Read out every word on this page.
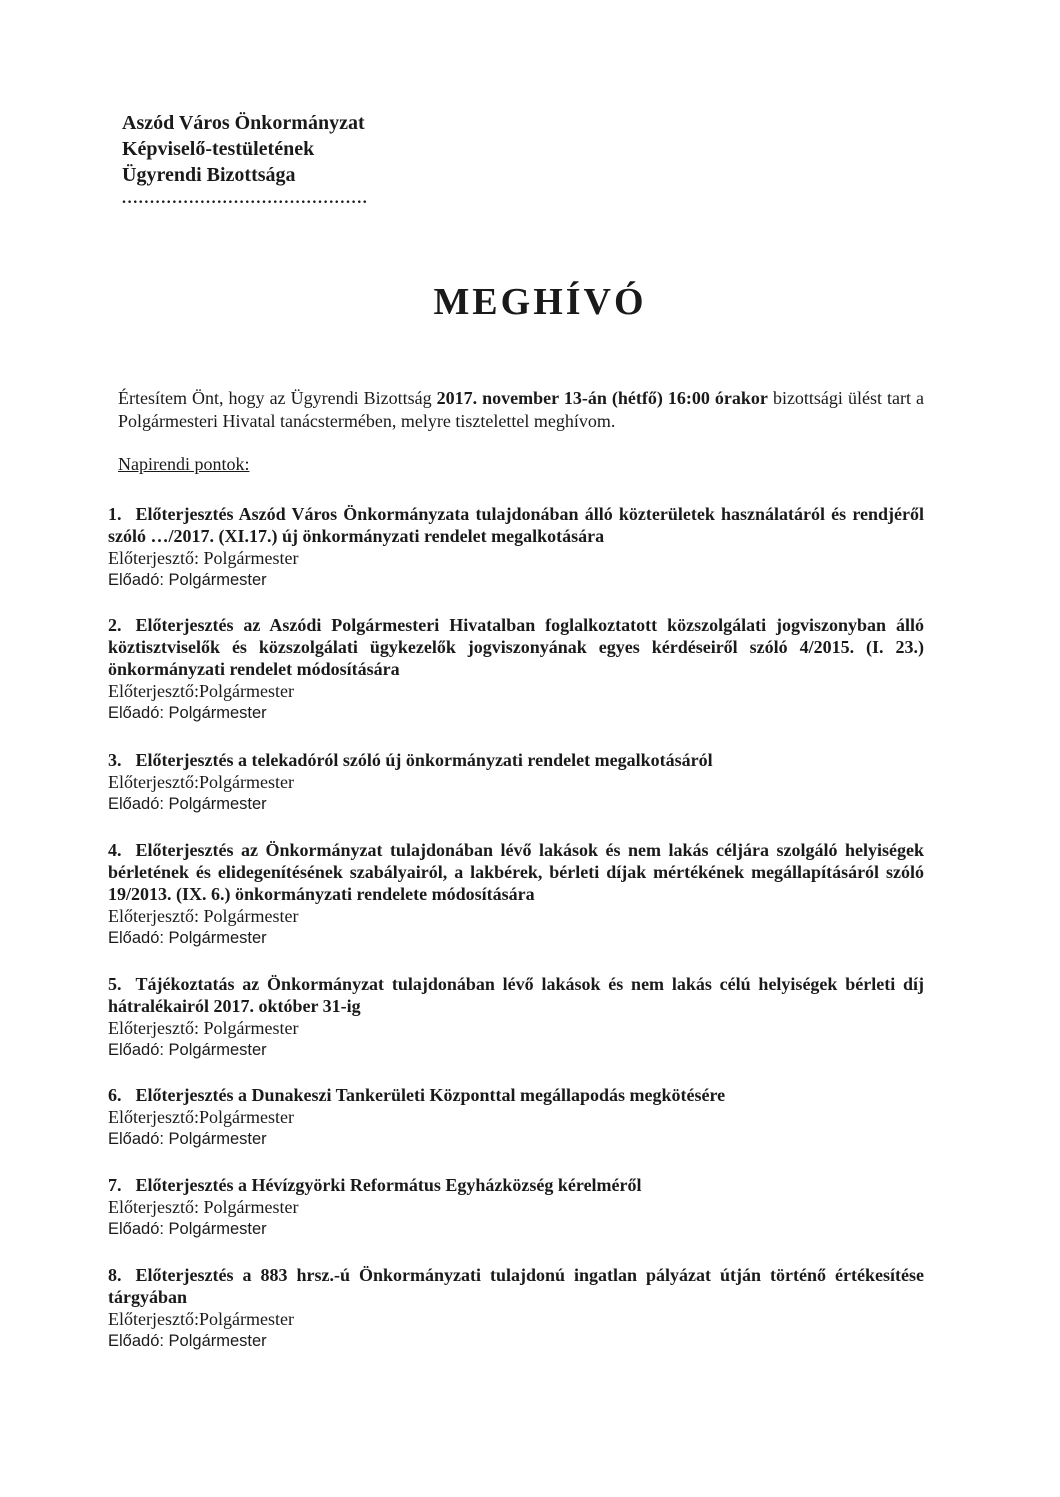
Aszód Város Önkormányzat
Képviselő-testületének
Ügyrendi Bizottsága
............................................
MEGHÍVÓ
Értesítem Önt, hogy az Ügyrendi Bizottság 2017. november 13-án (hétfő) 16:00 órakor bizottsági ülést tart a Polgármesteri Hivatal tanácstermében, melyre tisztelettel meghívom.
Napirendi pontok:
1. Előterjesztés Aszód Város Önkormányzata tulajdonában álló közterületek használatáról és rendjéről szóló …/2017. (XI.17.) új önkormányzati rendelet megalkotására
Előterjesztő: Polgármester
Előadó: Polgármester
2. Előterjesztés az Aszódi Polgármesteri Hivatalban foglalkoztatott közszolgálati jogviszonyban álló köztisztviselők és közszolgálati ügykezelők jogviszonyának egyes kérdéseiről szóló 4/2015. (I. 23.) önkormányzati rendelet módosítására
Előterjesztő:Polgármester
Előadó: Polgármester
3. Előterjesztés a telekadóról szóló új önkormányzati rendelet megalkotásáról
Előterjesztő:Polgármester
Előadó: Polgármester
4. Előterjesztés az Önkormányzat tulajdonában lévő lakások és nem lakás céljára szolgáló helyiségek bérletének és elidegenítésének szabályairól, a lakbérek, bérleti díjak mértékének megállapításáról szóló 19/2013. (IX. 6.) önkormányzati rendelete módosítására
Előterjesztő: Polgármester
Előadó: Polgármester
5. Tájékoztatás az Önkormányzat tulajdonában lévő lakások és nem lakás célú helyiségek bérleti díj hátralékairól 2017. október 31-ig
Előterjesztő: Polgármester
Előadó: Polgármester
6. Előterjesztés a Dunakeszi Tankerületi Központtal megállapodás megkötésére
Előterjesztő:Polgármester
Előadó: Polgármester
7. Előterjesztés a Hévízgyörki Református Egyházközség kérelméről
Előterjesztő: Polgármester
Előadó: Polgármester
8. Előterjesztés a 883 hrsz.-ú Önkormányzati tulajdonú ingatlan pályázat útján történő értékesítése tárgyában
Előterjesztő:Polgármester
Előadó: Polgármester
